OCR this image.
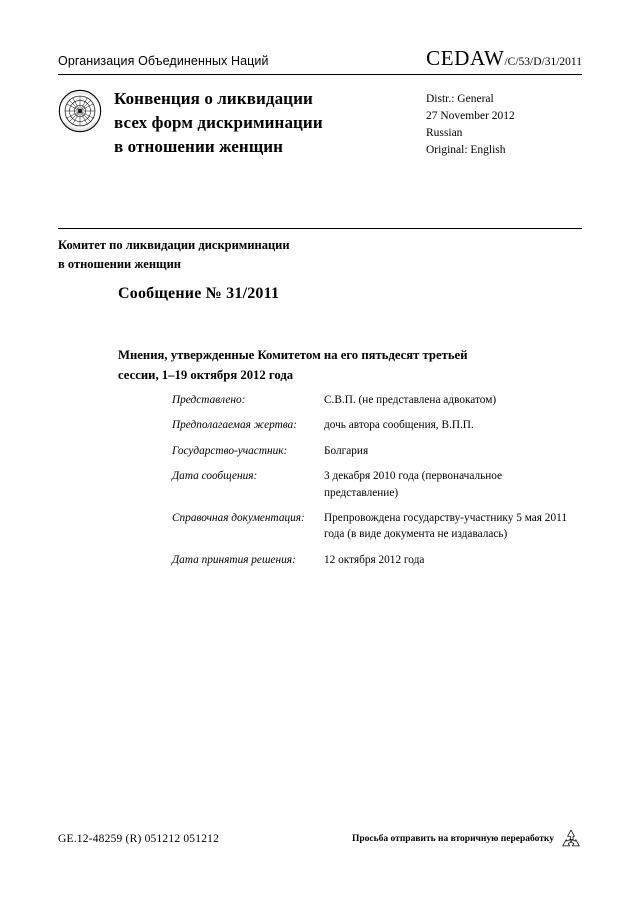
Организация Объединенных Наций	CEDAW/C/53/D/31/2011
Конвенция о ликвидации
всех форм дискриминации
в отношении женщин
Distr.: General
27 November 2012
Russian
Original: English
Комитет по ликвидации дискриминации
в отношении женщин
Сообщение № 31/2011
Мнения, утвержденные Комитетом на его пятьдесят третьей
сессии, 1–19 октября 2012 года
Представлено:	С.В.П. (не представлена адвокатом)
Предполагаемая жертва:	дочь автора сообщения, В.П.П.
Государство-участник:	Болгария
Дата сообщения:	3 декабря 2010 года (первоначальное представление)
Справочная документация:	Препровождена государству-участнику 5 мая 2011 года (в виде документа не издавалась)
Дата принятия решения:	12 октября 2012 года
GE.12-48259 (R) 051212 051212	Просьба отправить на вторичную переработку
